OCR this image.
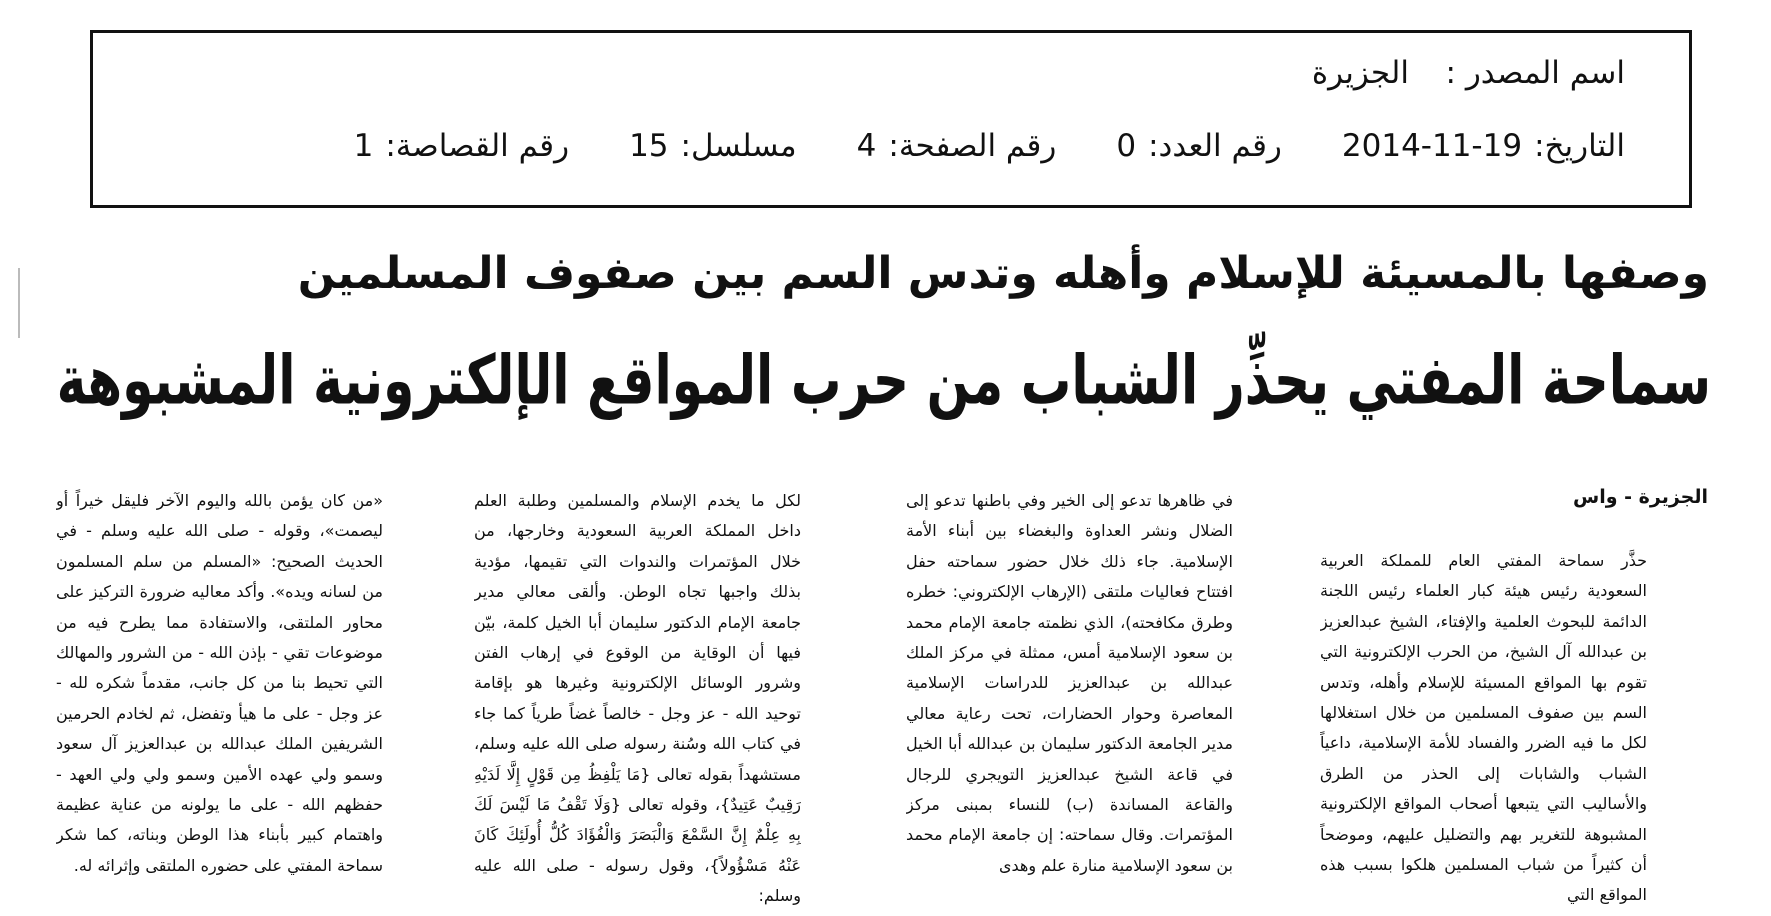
اسم المصدر :
الجزيرة
التاريخ:
2014-11-19
رقم العدد:
0
رقم الصفحة:
4
مسلسل:
15
رقم القصاصة:
1
وصفها بالمسيئة للإسلام وأهله وتدس السم بين صفوف المسلمين
سماحة المفتي يحذِّر الشباب من حرب المواقع الإلكترونية المشبوهة
الجزيرة - واس

حذَّر سماحة المفتي العام للمملكة العربية السعودية رئيس هيئة كبار العلماء رئيس اللجنة الدائمة للبحوث العلمية والإفتاء، الشيخ عبدالعزيز بن عبدالله آل الشيخ، من الحرب الإلكترونية التي تقوم بها المواقع المسيئة للإسلام وأهله، وتدس السم بين صفوف المسلمين من خلال استغلالها لكل ما فيه الضرر والفساد للأمة الإسلامية، داعياً الشباب والشابات إلى الحذر من الطرق والأساليب التي يتبعها أصحاب المواقع الإلكترونية المشبوهة للتغرير بهم والتضليل عليهم، وموضحاً أن كثيراً من شباب المسلمين هلكوا بسبب هذه المواقع التي

في ظاهرها تدعو إلى الخير وفي باطنها تدعو إلى الضلال ونشر العداوة والبغضاء بين أبناء الأمة الإسلامية. جاء ذلك خلال حضور سماحته حفل افتتاح فعاليات ملتقى (الإرهاب الإلكتروني: خطره وطرق مكافحته)، الذي نظمته جامعة الإمام محمد بن سعود الإسلامية أمس، ممثلة في مركز الملك عبدالله بن عبدالعزيز للدراسات الإسلامية المعاصرة وحوار الحضارات، تحت رعاية معالي مدير الجامعة الدكتور سليمان بن عبدالله أبا الخيل في قاعة الشيخ عبدالعزيز التويجري للرجال والقاعة المساندة (ب) للنساء بمبنى مركز المؤتمرات. وقال سماحته: إن جامعة الإمام محمد بن سعود الإسلامية منارة علم وهدى

لكل ما يخدم الإسلام والمسلمين وطلبة العلم داخل المملكة العربية السعودية وخارجها، من خلال المؤتمرات والندوات التي تقيمها، مؤدية بذلك واجبها تجاه الوطن. وألقى معالي مدير جامعة الإمام الدكتور سليمان أبا الخيل كلمة، بيّن فيها أن الوقاية من الوقوع في إرهاب الفتن وشرور الوسائل الإلكترونية وغيرها هو بإقامة توحيد الله - عز وجل - خالصاً غضاً طرياً كما جاء في كتاب الله وسُنة رسوله صلى الله عليه وسلم، مستشهداً بقوله تعالى {مَا يَلْفِظُ مِن قَوْلٍ إِلَّا لَدَيْهِ رَقِيبٌ عَتِيدٌ}، وقوله تعالى {وَلَا تَقْفُ مَا لَيْسَ لَكَ بِهِ عِلْمٌ إِنَّ السَّمْعَ وَالْبَصَرَ وَالْفُؤَادَ كُلُّ أُولَئِكَ كَانَ عَنْهُ مَسْؤُولاً}، وقول رسوله - صلى الله عليه وسلم:

«من كان يؤمن بالله واليوم الآخر فليقل خيراً أو ليصمت»، وقوله - صلى الله عليه وسلم - في الحديث الصحيح: «المسلم من سلم المسلمون من لسانه ويده». وأكد معاليه ضرورة التركيز على محاور الملتقى، والاستفادة مما يطرح فيه من موضوعات تقي - بإذن الله - من الشرور والمهالك التي تحيط بنا من كل جانب، مقدماً شكره لله - عز وجل - على ما هيأ وتفضل، ثم لخادم الحرمين الشريفين الملك عبدالله بن عبدالعزيز آل سعود وسمو ولي عهده الأمين وسمو ولي ولي العهد - حفظهم الله - على ما يولونه من عناية عظيمة واهتمام كبير بأبناء هذا الوطن وبناته، كما شكر سماحة المفتي على حضوره الملتقى وإثرائه له.
